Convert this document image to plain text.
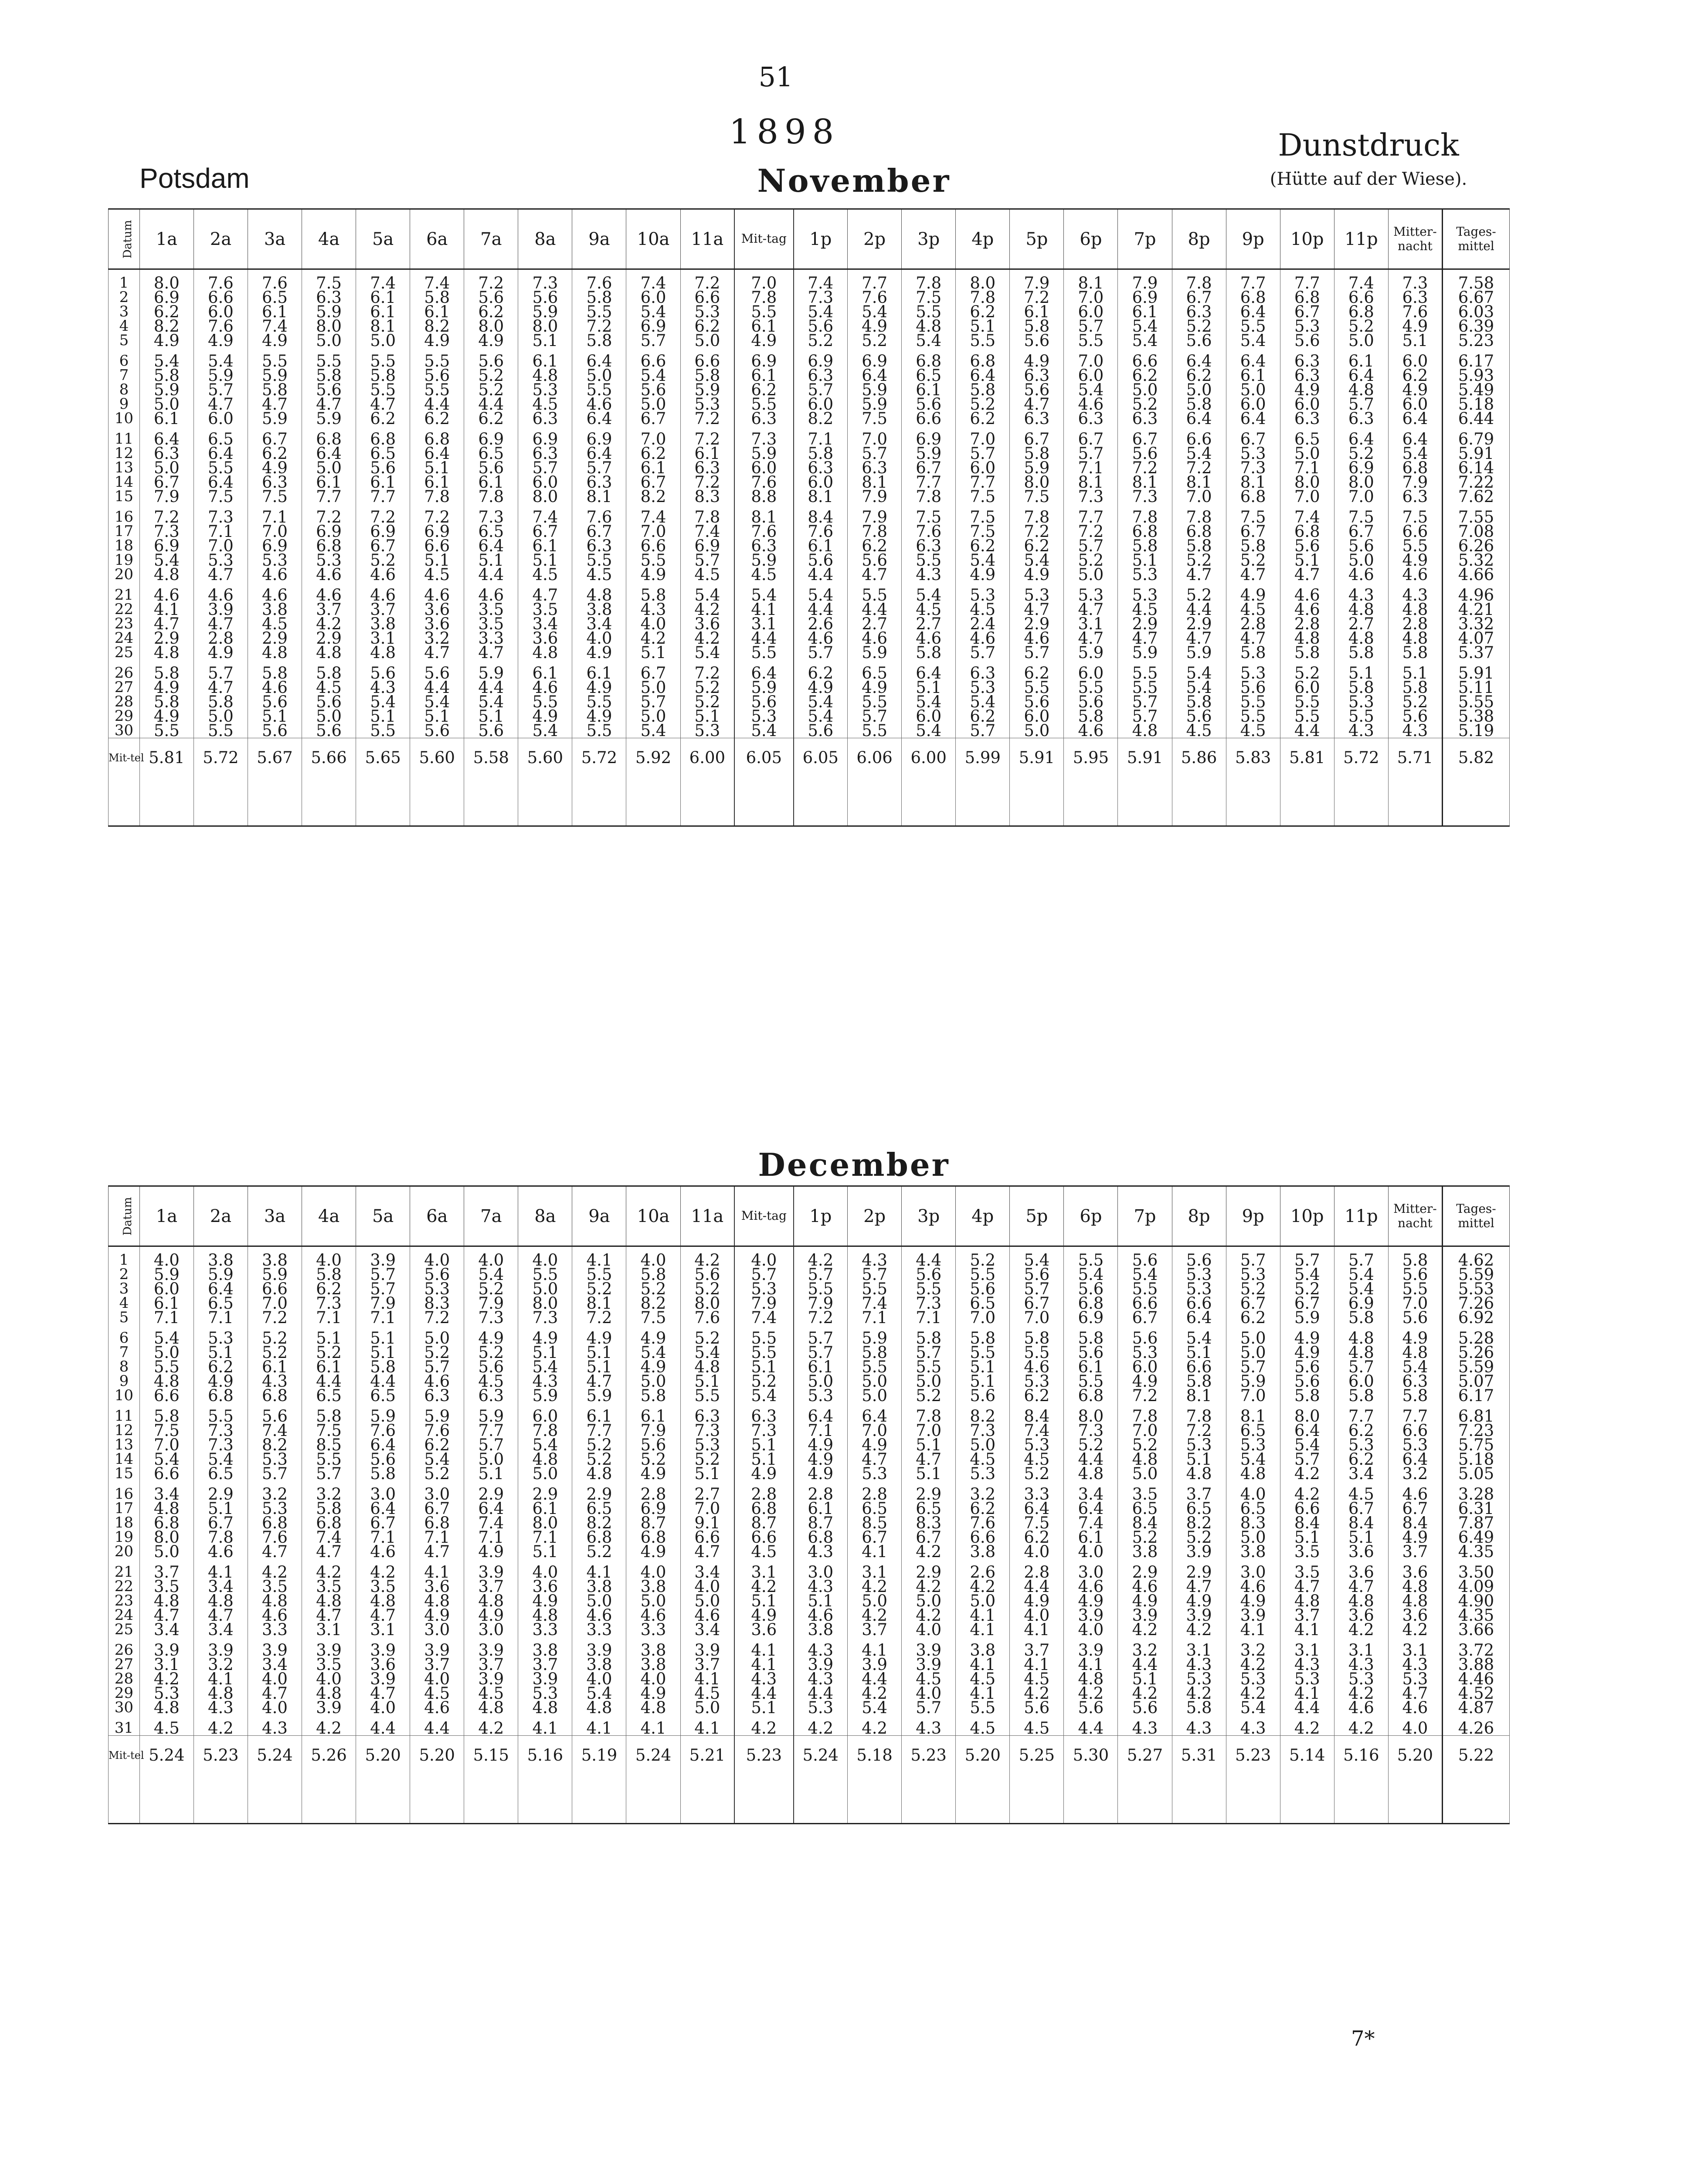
51
1898
Potsdam
Dunstdruck
(Hütte auf der Wiese).
November
December
Datum	1a	2a	3a	4a	5a	6a	7a	8a	9a	10a	11a	Mit-tag	1p	2p	3p	4p	5p	6p	7p	8p	9p	10p	11p	Mitter-nacht	Tages-mittel

1	8.0	7.6	7.6	7.5	7.4	7.4	7.2	7.3	7.6	7.4	7.2	7.0	7.4	7.7	7.8	8.0	7.9	8.1	7.9	7.8	7.7	7.7	7.4	7.3	7.58
2	6.9	6.6	6.5	6.3	6.1	5.8	5.6	5.6	5.8	6.0	6.6	7.8	7.3	7.6	7.5	7.8	7.2	7.0	6.9	6.7	6.8	6.8	6.6	6.3	6.67
3	6.2	6.0	6.1	5.9	6.1	6.1	6.2	5.9	5.5	5.4	5.3	5.5	5.4	5.4	5.5	6.2	6.1	6.0	6.1	6.3	6.4	6.7	6.8	7.6	6.03
4	8.2	7.6	7.4	8.0	8.1	8.2	8.0	8.0	7.2	6.9	6.2	6.1	5.6	4.9	4.8	5.1	5.8	5.7	5.4	5.2	5.5	5.3	5.2	4.9	6.39
5	4.9	4.9	4.9	5.0	5.0	4.9	4.9	5.1	5.8	5.7	5.0	4.9	5.2	5.2	5.4	5.5	5.6	5.5	5.4	5.6	5.4	5.6	5.0	5.1	5.23

6	5.4	5.4	5.5	5.5	5.5	5.5	5.6	6.1	6.4	6.6	6.6	6.9	6.9	6.9	6.8	6.8	4.9	7.0	6.6	6.4	6.4	6.3	6.1	6.0	6.17
7	5.8	5.9	5.9	5.8	5.8	5.6	5.2	4.8	5.0	5.4	5.8	6.1	6.3	6.4	6.5	6.4	6.3	6.0	6.2	6.2	6.1	6.3	6.4	6.2	5.93
8	5.9	5.7	5.8	5.6	5.5	5.5	5.2	5.3	5.5	5.6	5.9	6.2	5.7	5.9	6.1	5.8	5.6	5.4	5.0	5.0	5.0	4.9	4.8	4.9	5.49
9	5.0	4.7	4.7	4.7	4.7	4.4	4.4	4.5	4.6	5.0	5.3	5.5	6.0	5.9	5.6	5.2	4.7	4.6	5.2	5.8	6.0	6.0	5.7	6.0	5.18
10	6.1	6.0	5.9	5.9	6.2	6.2	6.2	6.3	6.4	6.7	7.2	6.3	8.2	7.5	6.6	6.2	6.3	6.3	6.3	6.4	6.4	6.3	6.3	6.4	6.44

11	6.4	6.5	6.7	6.8	6.8	6.8	6.9	6.9	6.9	7.0	7.2	7.3	7.1	7.0	6.9	7.0	6.7	6.7	6.7	6.6	6.7	6.5	6.4	6.4	6.79
12	6.3	6.4	6.2	6.4	6.5	6.4	6.5	6.3	6.4	6.2	6.1	5.9	5.8	5.7	5.9	5.7	5.8	5.7	5.6	5.4	5.3	5.0	5.2	5.4	5.91
13	5.0	5.5	4.9	5.0	5.6	5.1	5.6	5.7	5.7	6.1	6.3	6.0	6.3	6.3	6.7	6.0	5.9	7.1	7.2	7.2	7.3	7.1	6.9	6.8	6.14
14	6.7	6.4	6.3	6.1	6.1	6.1	6.1	6.0	6.3	6.7	7.2	7.6	6.0	8.1	7.7	7.7	8.0	8.1	8.1	8.1	8.1	8.0	8.0	7.9	7.22
15	7.9	7.5	7.5	7.7	7.7	7.8	7.8	8.0	8.1	8.2	8.3	8.8	8.1	7.9	7.8	7.5	7.5	7.3	7.3	7.0	6.8	7.0	7.0	6.3	7.62

16	7.2	7.3	7.1	7.2	7.2	7.2	7.3	7.4	7.6	7.4	7.8	8.1	8.4	7.9	7.5	7.5	7.8	7.7	7.8	7.8	7.5	7.4	7.5	7.5	7.55
17	7.3	7.1	7.0	6.9	6.9	6.9	6.5	6.7	6.7	7.0	7.4	7.6	7.6	7.8	7.6	7.5	7.2	7.2	6.8	6.8	6.7	6.8	6.7	6.6	7.08
18	6.9	7.0	6.9	6.8	6.7	6.6	6.4	6.1	6.3	6.6	6.9	6.3	6.1	6.2	6.3	6.2	6.2	5.7	5.8	5.8	5.8	5.6	5.6	5.5	6.26
19	5.4	5.3	5.3	5.3	5.2	5.1	5.1	5.1	5.5	5.5	5.7	5.9	5.6	5.6	5.5	5.4	5.4	5.2	5.1	5.2	5.2	5.1	5.0	4.9	5.32
20	4.8	4.7	4.6	4.6	4.6	4.5	4.4	4.5	4.5	4.9	4.5	4.5	4.4	4.7	4.3	4.9	4.9	5.0	5.3	4.7	4.7	4.7	4.6	4.6	4.66

21	4.6	4.6	4.6	4.6	4.6	4.6	4.6	4.7	4.8	5.8	5.4	5.4	5.4	5.5	5.4	5.3	5.3	5.3	5.3	5.2	4.9	4.6	4.3	4.3	4.96
22	4.1	3.9	3.8	3.7	3.7	3.6	3.5	3.5	3.8	4.3	4.2	4.1	4.4	4.4	4.5	4.5	4.7	4.7	4.5	4.4	4.5	4.6	4.8	4.8	4.21
23	4.7	4.7	4.5	4.2	3.8	3.6	3.5	3.4	3.4	4.0	3.6	3.1	2.6	2.7	2.7	2.4	2.9	3.1	2.9	2.9	2.8	2.8	2.7	2.8	3.32
24	2.9	2.8	2.9	2.9	3.1	3.2	3.3	3.6	4.0	4.2	4.2	4.4	4.6	4.6	4.6	4.6	4.6	4.7	4.7	4.7	4.7	4.8	4.8	4.8	4.07
25	4.8	4.9	4.8	4.8	4.8	4.7	4.7	4.8	4.9	5.1	5.4	5.5	5.7	5.9	5.8	5.7	5.7	5.9	5.9	5.9	5.8	5.8	5.8	5.8	5.37

26	5.8	5.7	5.8	5.8	5.6	5.6	5.9	6.1	6.1	6.7	7.2	6.4	6.2	6.5	6.4	6.3	6.2	6.0	5.5	5.4	5.3	5.2	5.1	5.1	5.91
27	4.9	4.7	4.6	4.5	4.3	4.4	4.4	4.6	4.9	5.0	5.2	5.9	4.9	4.9	5.1	5.3	5.5	5.5	5.5	5.4	5.6	6.0	5.8	5.8	5.11
28	5.8	5.8	5.6	5.6	5.4	5.4	5.4	5.5	5.5	5.7	5.2	5.6	5.4	5.5	5.4	5.4	5.6	5.6	5.7	5.8	5.5	5.5	5.3	5.2	5.55
29	4.9	5.0	5.1	5.0	5.1	5.1	5.1	4.9	4.9	5.0	5.1	5.3	5.4	5.7	6.0	6.2	6.0	5.8	5.7	5.6	5.5	5.5	5.5	5.6	5.38
30	5.5	5.5	5.6	5.6	5.5	5.6	5.6	5.4	5.5	5.4	5.3	5.4	5.6	5.5	5.4	5.7	5.0	4.6	4.8	4.5	4.5	4.4	4.3	4.3	5.19
Mit-tel	5.81	5.72	5.67	5.66	5.65	5.60	5.58	5.60	5.72	5.92	6.00	6.05	6.05	6.06	6.00	5.99	5.91	5.95	5.91	5.86	5.83	5.81	5.72	5.71	5.82

Datum	1a	2a	3a	4a	5a	6a	7a	8a	9a	10a	11a	Mit-tag	1p	2p	3p	4p	5p	6p	7p	8p	9p	10p	11p	Mitter-nacht	Tages-mittel

1	4.0	3.8	3.8	4.0	3.9	4.0	4.0	4.0	4.1	4.0	4.2	4.0	4.2	4.3	4.4	5.2	5.4	5.5	5.6	5.6	5.7	5.7	5.7	5.8	4.62
2	5.9	5.9	5.9	5.8	5.7	5.6	5.4	5.5	5.5	5.8	5.6	5.7	5.7	5.7	5.6	5.5	5.6	5.4	5.4	5.3	5.3	5.4	5.4	5.6	5.59
3	6.0	6.4	6.6	6.2	5.7	5.3	5.2	5.0	5.2	5.2	5.2	5.3	5.5	5.5	5.5	5.6	5.7	5.6	5.5	5.3	5.2	5.2	5.4	5.5	5.53
4	6.1	6.5	7.0	7.3	7.9	8.3	7.9	8.0	8.1	8.2	8.0	7.9	7.9	7.4	7.3	6.5	6.7	6.8	6.6	6.6	6.7	6.7	6.9	7.0	7.26
5	7.1	7.1	7.2	7.1	7.1	7.2	7.3	7.3	7.2	7.5	7.6	7.4	7.2	7.1	7.1	7.0	7.0	6.9	6.7	6.4	6.2	5.9	5.8	5.6	6.92

6	5.4	5.3	5.2	5.1	5.1	5.0	4.9	4.9	4.9	4.9	5.2	5.5	5.7	5.9	5.8	5.8	5.8	5.8	5.6	5.4	5.0	4.9	4.8	4.9	5.28
7	5.0	5.1	5.2	5.2	5.1	5.2	5.2	5.1	5.1	5.4	5.4	5.5	5.7	5.8	5.7	5.5	5.5	5.6	5.3	5.1	5.0	4.9	4.8	4.8	5.26
8	5.5	6.2	6.1	6.1	5.8	5.7	5.6	5.4	5.1	4.9	4.8	5.1	6.1	5.5	5.5	5.1	4.6	6.1	6.0	6.6	5.7	5.6	5.7	5.4	5.59
9	4.8	4.9	4.3	4.4	4.4	4.6	4.5	4.3	4.7	5.0	5.1	5.2	5.0	5.0	5.0	5.1	5.3	5.5	4.9	5.8	5.9	5.6	6.0	6.3	5.07
10	6.6	6.8	6.8	6.5	6.5	6.3	6.3	5.9	5.9	5.8	5.5	5.4	5.3	5.0	5.2	5.6	6.2	6.8	7.2	8.1	7.0	5.8	5.8	5.8	6.17

11	5.8	5.5	5.6	5.8	5.9	5.9	5.9	6.0	6.1	6.1	6.3	6.3	6.4	6.4	7.8	8.2	8.4	8.0	7.8	7.8	8.1	8.0	7.7	7.7	6.81
12	7.5	7.3	7.4	7.5	7.6	7.6	7.7	7.8	7.7	7.9	7.3	7.3	7.1	7.0	7.0	7.3	7.4	7.3	7.0	7.2	6.5	6.4	6.2	6.6	7.23
13	7.0	7.3	8.2	8.5	6.4	6.2	5.7	5.4	5.2	5.6	5.3	5.1	4.9	4.9	5.1	5.0	5.3	5.2	5.2	5.3	5.3	5.4	5.3	5.3	5.75
14	5.4	5.4	5.3	5.5	5.6	5.4	5.0	4.8	5.2	5.2	5.2	5.1	4.9	4.7	4.7	4.5	4.5	4.4	4.8	5.1	5.4	5.7	6.2	6.4	5.18
15	6.6	6.5	5.7	5.7	5.8	5.2	5.1	5.0	4.8	4.9	5.1	4.9	4.9	5.3	5.1	5.3	5.2	4.8	5.0	4.8	4.8	4.2	3.4	3.2	5.05

16	3.4	2.9	3.2	3.2	3.0	3.0	2.9	2.9	2.9	2.8	2.7	2.8	2.8	2.8	2.9	3.2	3.3	3.4	3.5	3.7	4.0	4.2	4.5	4.6	3.28
17	4.8	5.1	5.3	5.8	6.4	6.7	6.4	6.1	6.5	6.9	7.0	6.8	6.1	6.5	6.5	6.2	6.4	6.4	6.5	6.5	6.5	6.6	6.7	6.7	6.31
18	6.8	6.7	6.8	6.8	6.7	6.8	7.4	8.0	8.2	8.7	9.1	8.7	8.7	8.5	8.3	7.6	7.5	7.4	8.4	8.2	8.3	8.4	8.4	8.4	7.87
19	8.0	7.8	7.6	7.4	7.1	7.1	7.1	7.1	6.8	6.8	6.6	6.6	6.8	6.7	6.7	6.6	6.2	6.1	5.2	5.2	5.0	5.1	5.1	4.9	6.49
20	5.0	4.6	4.7	4.7	4.6	4.7	4.9	5.1	5.2	4.9	4.7	4.5	4.3	4.1	4.2	3.8	4.0	4.0	3.8	3.9	3.8	3.5	3.6	3.7	4.35

21	3.7	4.1	4.2	4.2	4.2	4.1	3.9	4.0	4.1	4.0	3.4	3.1	3.0	3.1	2.9	2.6	2.8	3.0	2.9	2.9	3.0	3.5	3.6	3.6	3.50
22	3.5	3.4	3.5	3.5	3.5	3.6	3.7	3.6	3.8	3.8	4.0	4.2	4.3	4.2	4.2	4.2	4.4	4.6	4.6	4.7	4.6	4.7	4.7	4.8	4.09
23	4.8	4.8	4.8	4.8	4.8	4.8	4.8	4.9	5.0	5.0	5.0	5.1	5.1	5.0	5.0	5.0	4.9	4.9	4.9	4.9	4.9	4.8	4.8	4.8	4.90
24	4.7	4.7	4.6	4.7	4.7	4.9	4.9	4.8	4.6	4.6	4.6	4.9	4.6	4.2	4.2	4.1	4.0	3.9	3.9	3.9	3.9	3.7	3.6	3.6	4.35
25	3.4	3.4	3.3	3.1	3.1	3.0	3.0	3.3	3.3	3.3	3.4	3.6	3.8	3.7	4.0	4.1	4.1	4.0	4.2	4.2	4.1	4.1	4.2	4.2	3.66

26	3.9	3.9	3.9	3.9	3.9	3.9	3.9	3.8	3.9	3.8	3.9	4.1	4.3	4.1	3.9	3.8	3.7	3.9	3.2	3.1	3.2	3.1	3.1	3.1	3.72
27	3.1	3.2	3.4	3.5	3.6	3.7	3.7	3.7	3.8	3.8	3.7	4.1	3.9	3.9	3.9	4.1	4.1	4.1	4.4	4.3	4.2	4.3	4.3	4.3	3.88
28	4.2	4.1	4.0	4.0	3.9	4.0	3.9	3.9	4.0	4.0	4.1	4.3	4.3	4.4	4.5	4.5	4.5	4.8	5.1	5.3	5.3	5.3	5.3	5.3	4.46
29	5.3	4.8	4.7	4.8	4.7	4.5	4.5	5.3	5.4	4.9	4.5	4.4	4.4	4.2	4.0	4.1	4.2	4.2	4.2	4.2	4.2	4.1	4.2	4.7	4.52
30	4.8	4.3	4.0	3.9	4.0	4.6	4.8	4.8	4.8	4.8	5.0	5.1	5.3	5.4	5.7	5.5	5.6	5.6	5.6	5.8	5.4	4.4	4.6	4.6	4.87

31	4.5	4.2	4.3	4.2	4.4	4.4	4.2	4.1	4.1	4.1	4.1	4.2	4.2	4.2	4.3	4.5	4.5	4.4	4.3	4.3	4.3	4.2	4.2	4.0	4.26
Mit-tel	5.24	5.23	5.24	5.26	5.20	5.20	5.15	5.16	5.19	5.24	5.21	5.23	5.24	5.18	5.23	5.20	5.25	5.30	5.27	5.31	5.23	5.14	5.16	5.20	5.22

7*
